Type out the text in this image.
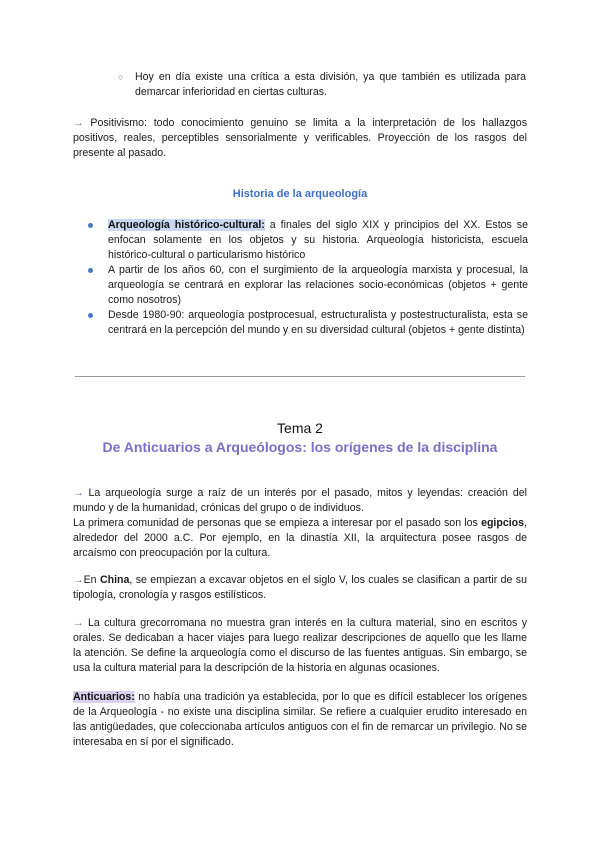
○ Hoy en día existe una crítica a esta división, ya que también es utilizada para demarcar inferioridad en ciertas culturas.

→ Positivismo: todo conocimiento genuino se limita a la interpretación de los hallazgos positivos, reales, perceptibles sensorialmente y verificables. Proyección de los rasgos del presente al pasado.

Historia de la arqueología

Arqueología histórico-cultural: a finales del siglo XIX y principios del XX. Estos se enfocan solamente en los objetos y su historia. Arqueología historicista, escuela histórico-cultural o particularismo histórico

A partir de los años 60, con el surgimiento de la arqueología marxista y procesual, la arqueología se centrará en explorar las relaciones socio-económicas (objetos + gente como nosotros)

Desde 1980-90: arqueología postprocesual, estructuralista y postestructuralista, esta se centrará en la percepción del mundo y en su diversidad cultural (objetos + gente distinta)

Tema 2
De Anticuarios a Arqueólogos: los orígenes de la disciplina

→ La arqueología surge a raíz de un interés por el pasado, mitos y leyendas: creación del mundo y de la humanidad, crónicas del grupo o de individuos.

La primera comunidad de personas que se empieza a interesar por el pasado son los egipcios, alrededor del 2000 a.C. Por ejemplo, en la dinastía XII, la arquitectura posee rasgos de arcaísmo con preocupación por la cultura.

→En China, se empiezan a excavar objetos en el siglo V, los cuales se clasifican a partir de su tipología, cronología y rasgos estilísticos.

→ La cultura grecorromana no muestra gran interés en la cultura material, sino en escritos y orales. Se dedicaban a hacer viajes para luego realizar descripciones de aquello que les llame la atención. Se define la arqueología como el discurso de las fuentes antiguas. Sin embargo, se usa la cultura material para la descripción de la historia en algunas ocasiones.

Anticuarios: no había una tradición ya establecida, por lo que es difícil establecer los orígenes de la Arqueología - no existe una disciplina similar. Se refiere a cualquier erudito interesado en las antigüedades, que coleccionaba artículos antiguos con el fin de remarcar un privilegio. No se interesaba en sí por el significado.
